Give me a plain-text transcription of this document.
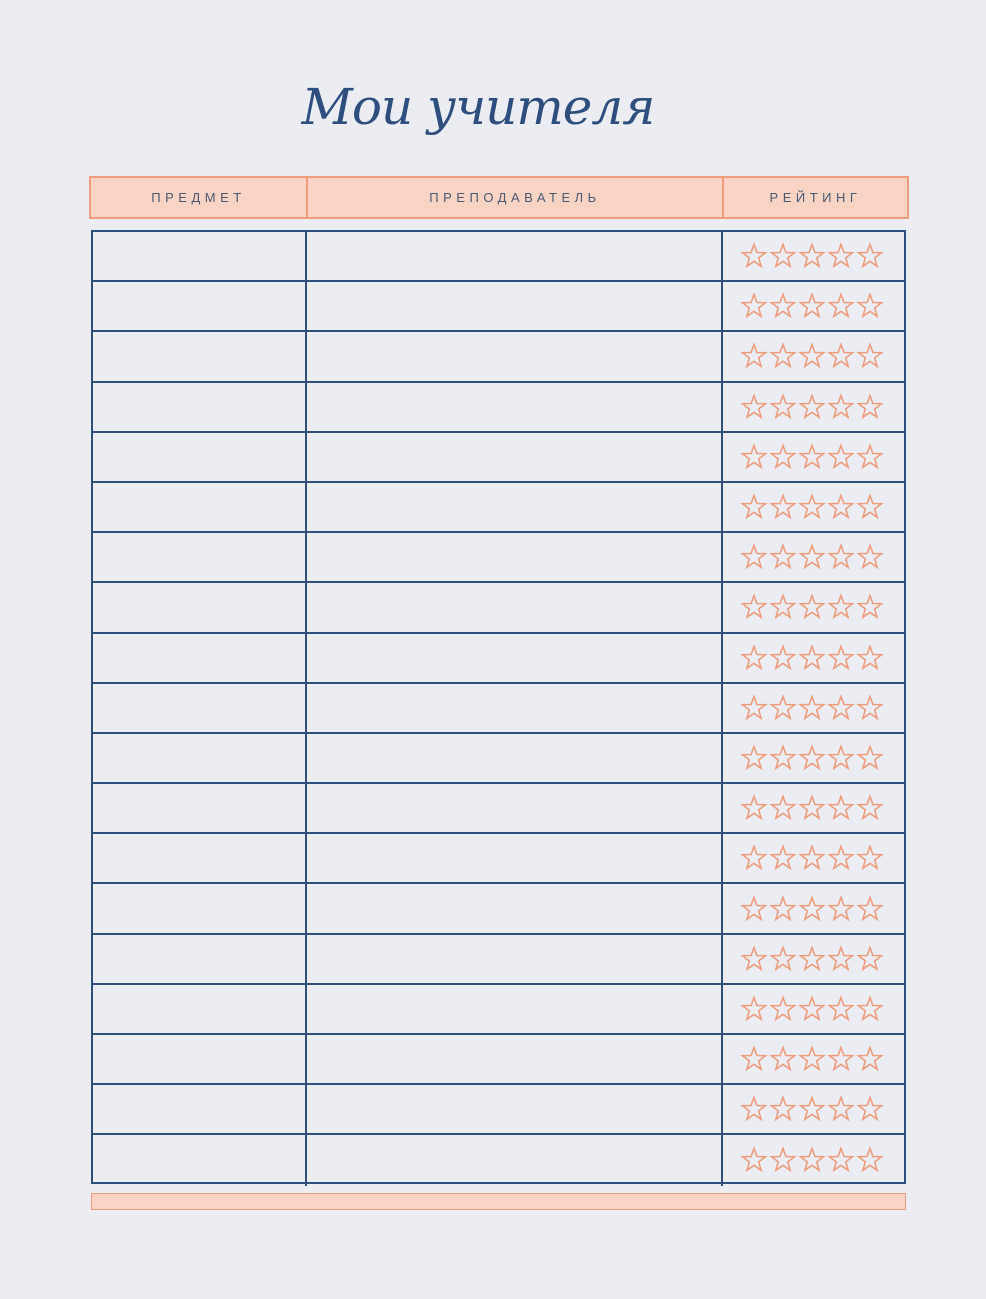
Мои учителя
ПРЕДМЕТ	ПРЕПОДАВАТЕЛЬ	РЕЙТИНГ
